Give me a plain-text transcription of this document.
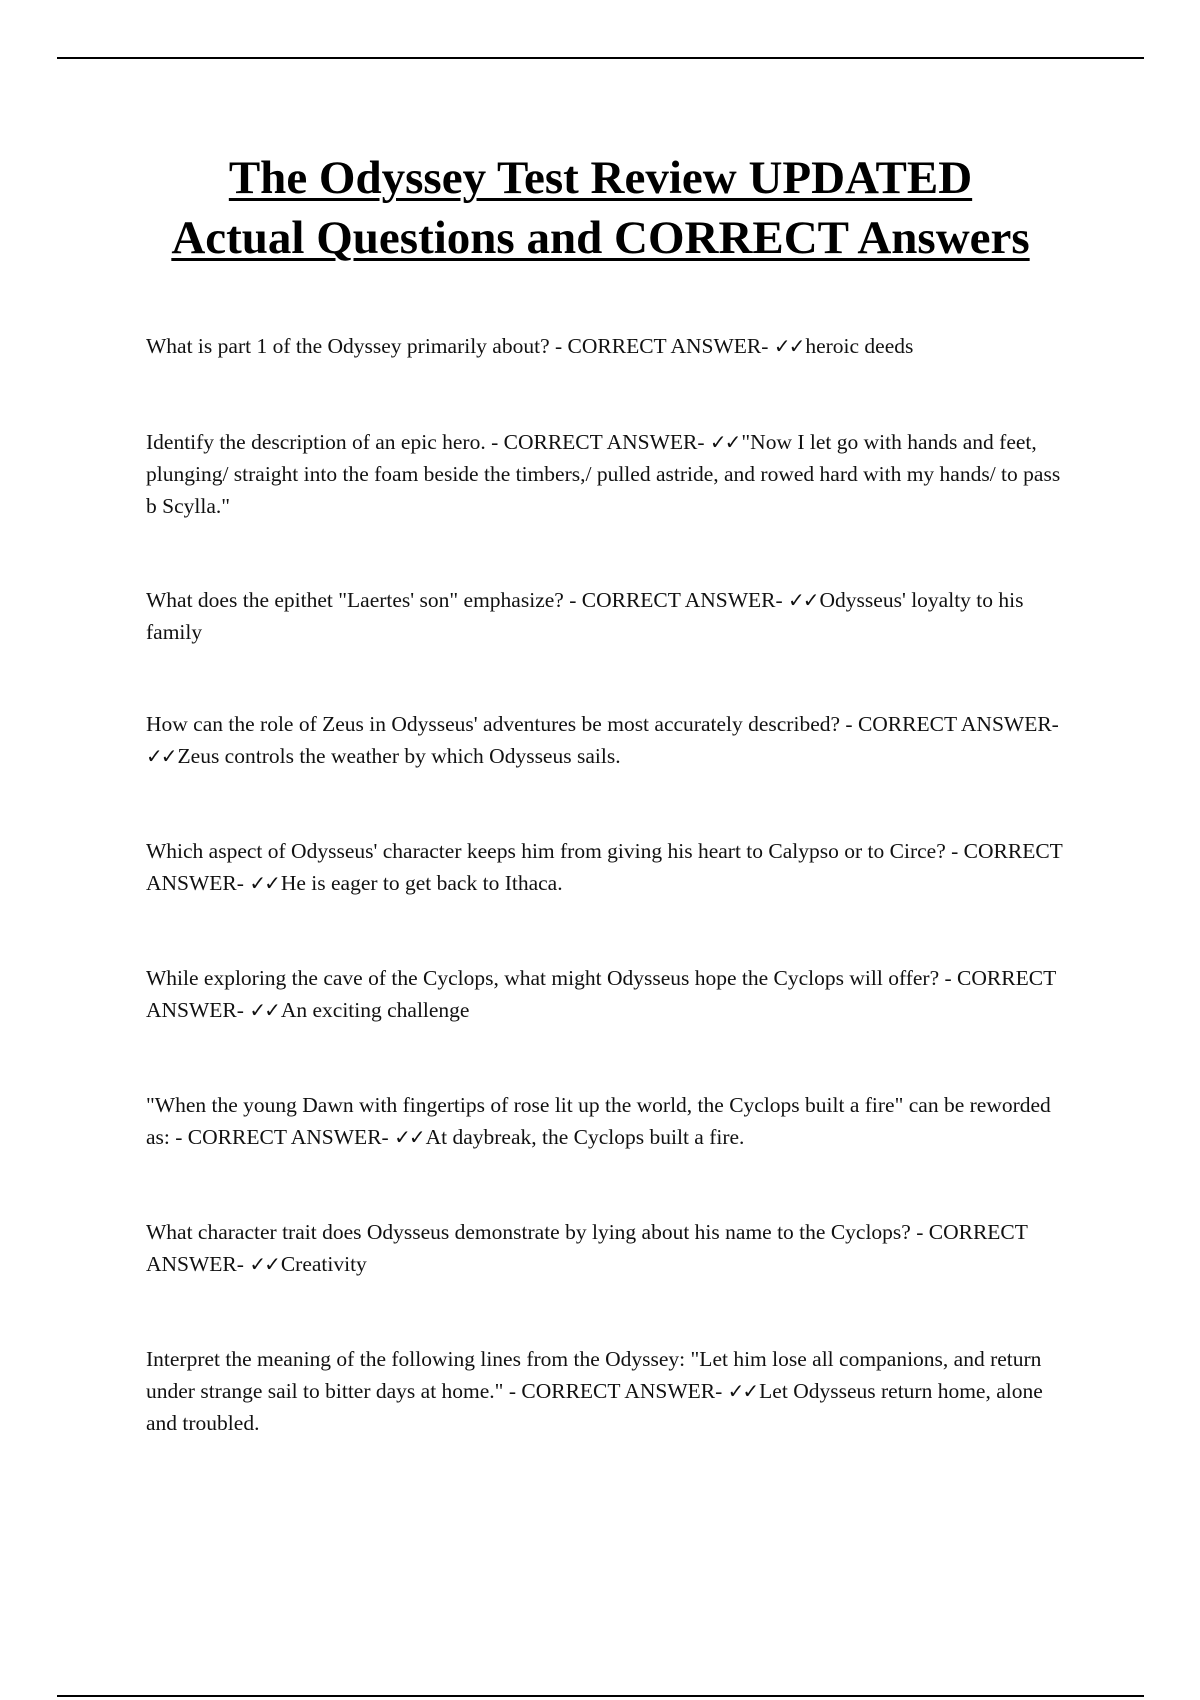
The Odyssey Test Review UPDATED
Actual Questions and CORRECT Answers
What is part 1 of the Odyssey primarily about? - CORRECT ANSWER- ✓✓heroic deeds
Identify the description of an epic hero. - CORRECT ANSWER- ✓✓"Now I let go with hands and feet, plunging/ straight into the foam beside the timbers,/ pulled astride, and rowed hard with my hands/ to pass b Scylla."
What does the epithet "Laertes' son" emphasize? - CORRECT ANSWER- ✓✓Odysseus' loyalty to his family
How can the role of Zeus in Odysseus' adventures be most accurately described? - CORRECT ANSWER- ✓✓Zeus controls the weather by which Odysseus sails.
Which aspect of Odysseus' character keeps him from giving his heart to Calypso or to Circe? - CORRECT ANSWER- ✓✓He is eager to get back to Ithaca.
While exploring the cave of the Cyclops, what might Odysseus hope the Cyclops will offer? - CORRECT ANSWER- ✓✓An exciting challenge
"When the young Dawn with fingertips of rose lit up the world, the Cyclops built a fire" can be reworded as: - CORRECT ANSWER- ✓✓At daybreak, the Cyclops built a fire.
What character trait does Odysseus demonstrate by lying about his name to the Cyclops? - CORRECT ANSWER- ✓✓Creativity
Interpret the meaning of the following lines from the Odyssey: "Let him lose all companions, and return under strange sail to bitter days at home." - CORRECT ANSWER- ✓✓Let Odysseus return home, alone and troubled.
